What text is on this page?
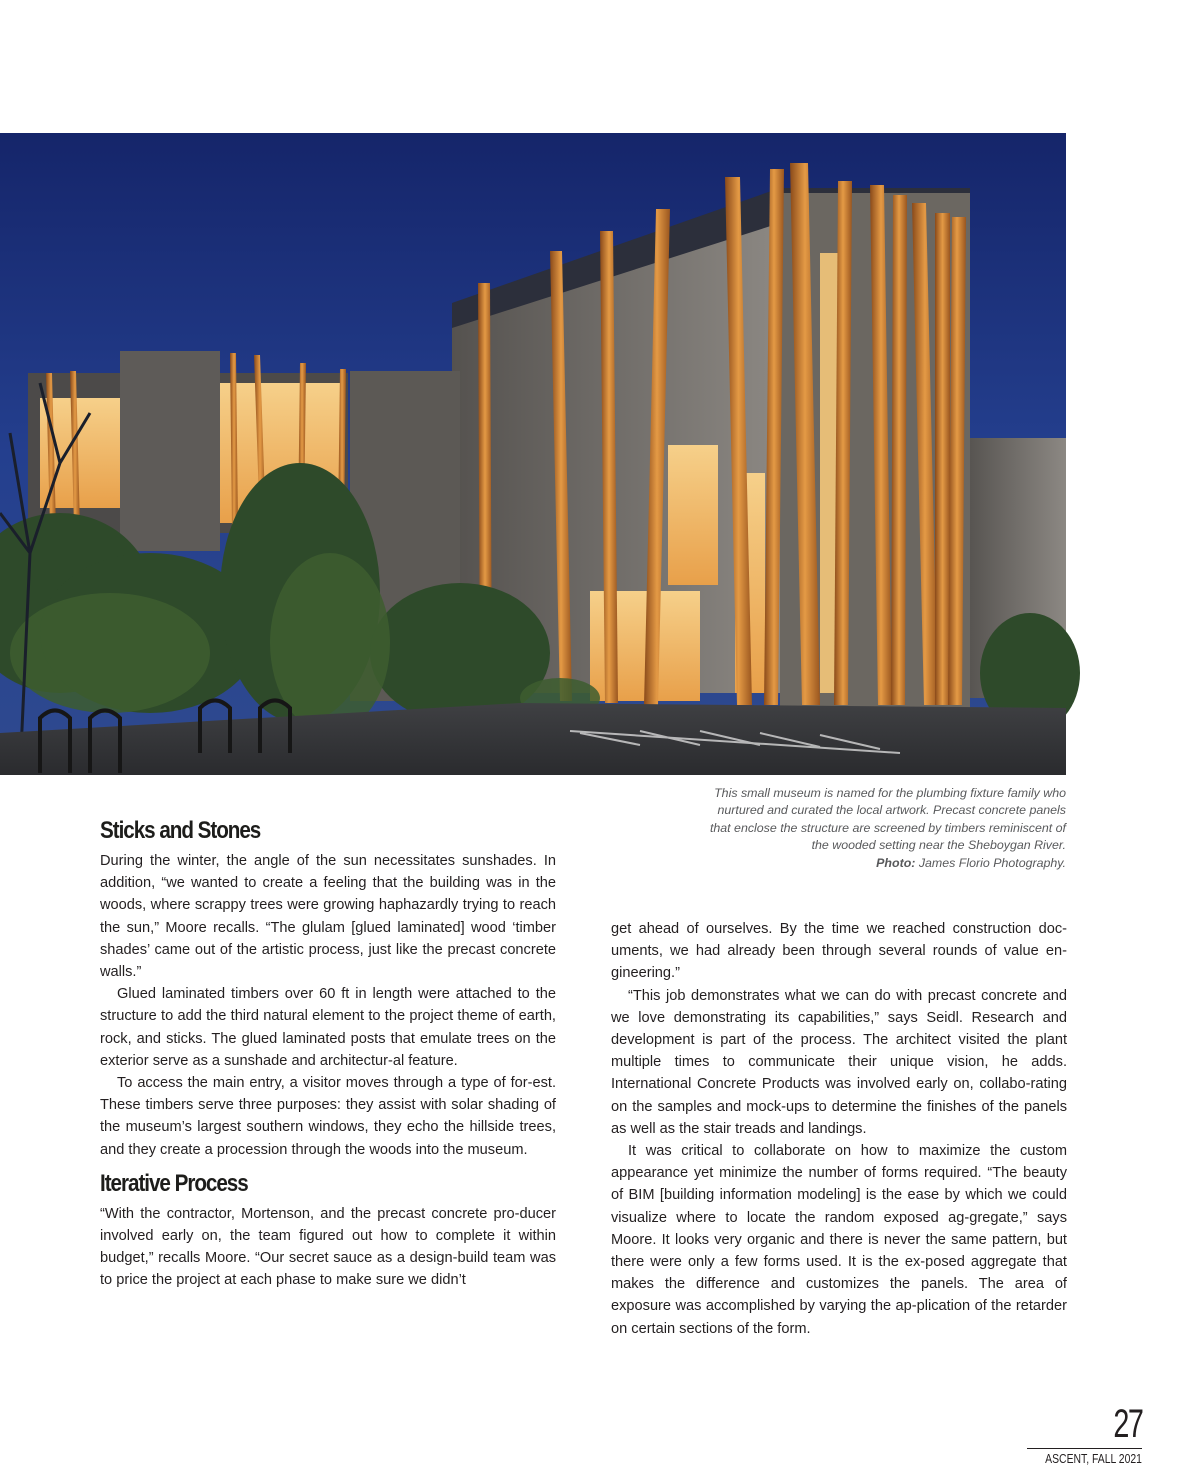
This small museum is named for the plumbing fixture family who
nurtured and curated the local artwork. Precast concrete panels
that enclose the structure are screened by timbers reminiscent of
the wooded setting near the Sheboygan River.
Photo: James Florio Photography.
Sticks and Stones

During the winter, the angle of the sun necessitates sunshades. In addition, “we wanted to create a feeling that the building was in the woods, where scrappy trees were growing haphazardly trying to reach the sun,” Moore recalls. “The glulam [glued laminated] wood ‘timber shades’ came out of the artistic process, just like the precast concrete walls.”

Glued laminated timbers over 60 ft in length were attached to the structure to add the third natural element to the project theme of earth, rock, and sticks. The glued laminated posts that emulate trees on the exterior serve as a sunshade and architectur-al feature.

To access the main entry, a visitor moves through a type of for-est. These timbers serve three purposes: they assist with solar shading of the museum’s largest southern windows, they echo the hillside trees, and they create a procession through the woods into the museum.

Iterative Process

“With the contractor, Mortenson, and the precast concrete pro-ducer involved early on, the team figured out how to complete it within budget,” recalls Moore. “Our secret sauce as a design-build team was to price the project at each phase to make sure we didn’t

get ahead of ourselves. By the time we reached construction doc-uments, we had already been through several rounds of value en-gineering.”

“This job demonstrates what we can do with precast concrete and we love demonstrating its capabilities,” says Seidl. Research and development is part of the process. The architect visited the plant multiple times to communicate their unique vision, he adds. International Concrete Products was involved early on, collabo-rating on the samples and mock-ups to determine the finishes of the panels as well as the stair treads and landings.

It was critical to collaborate on how to maximize the custom appearance yet minimize the number of forms required. “The beauty of BIM [building information modeling] is the ease by which we could visualize where to locate the random exposed ag-gregate,” says Moore. It looks very organic and there is never the same pattern, but there were only a few forms used. It is the ex-posed aggregate that makes the difference and customizes the panels. The area of exposure was accomplished by varying the ap-plication of the retarder on certain sections of the form.

27
ASCENT, FALL 2021
